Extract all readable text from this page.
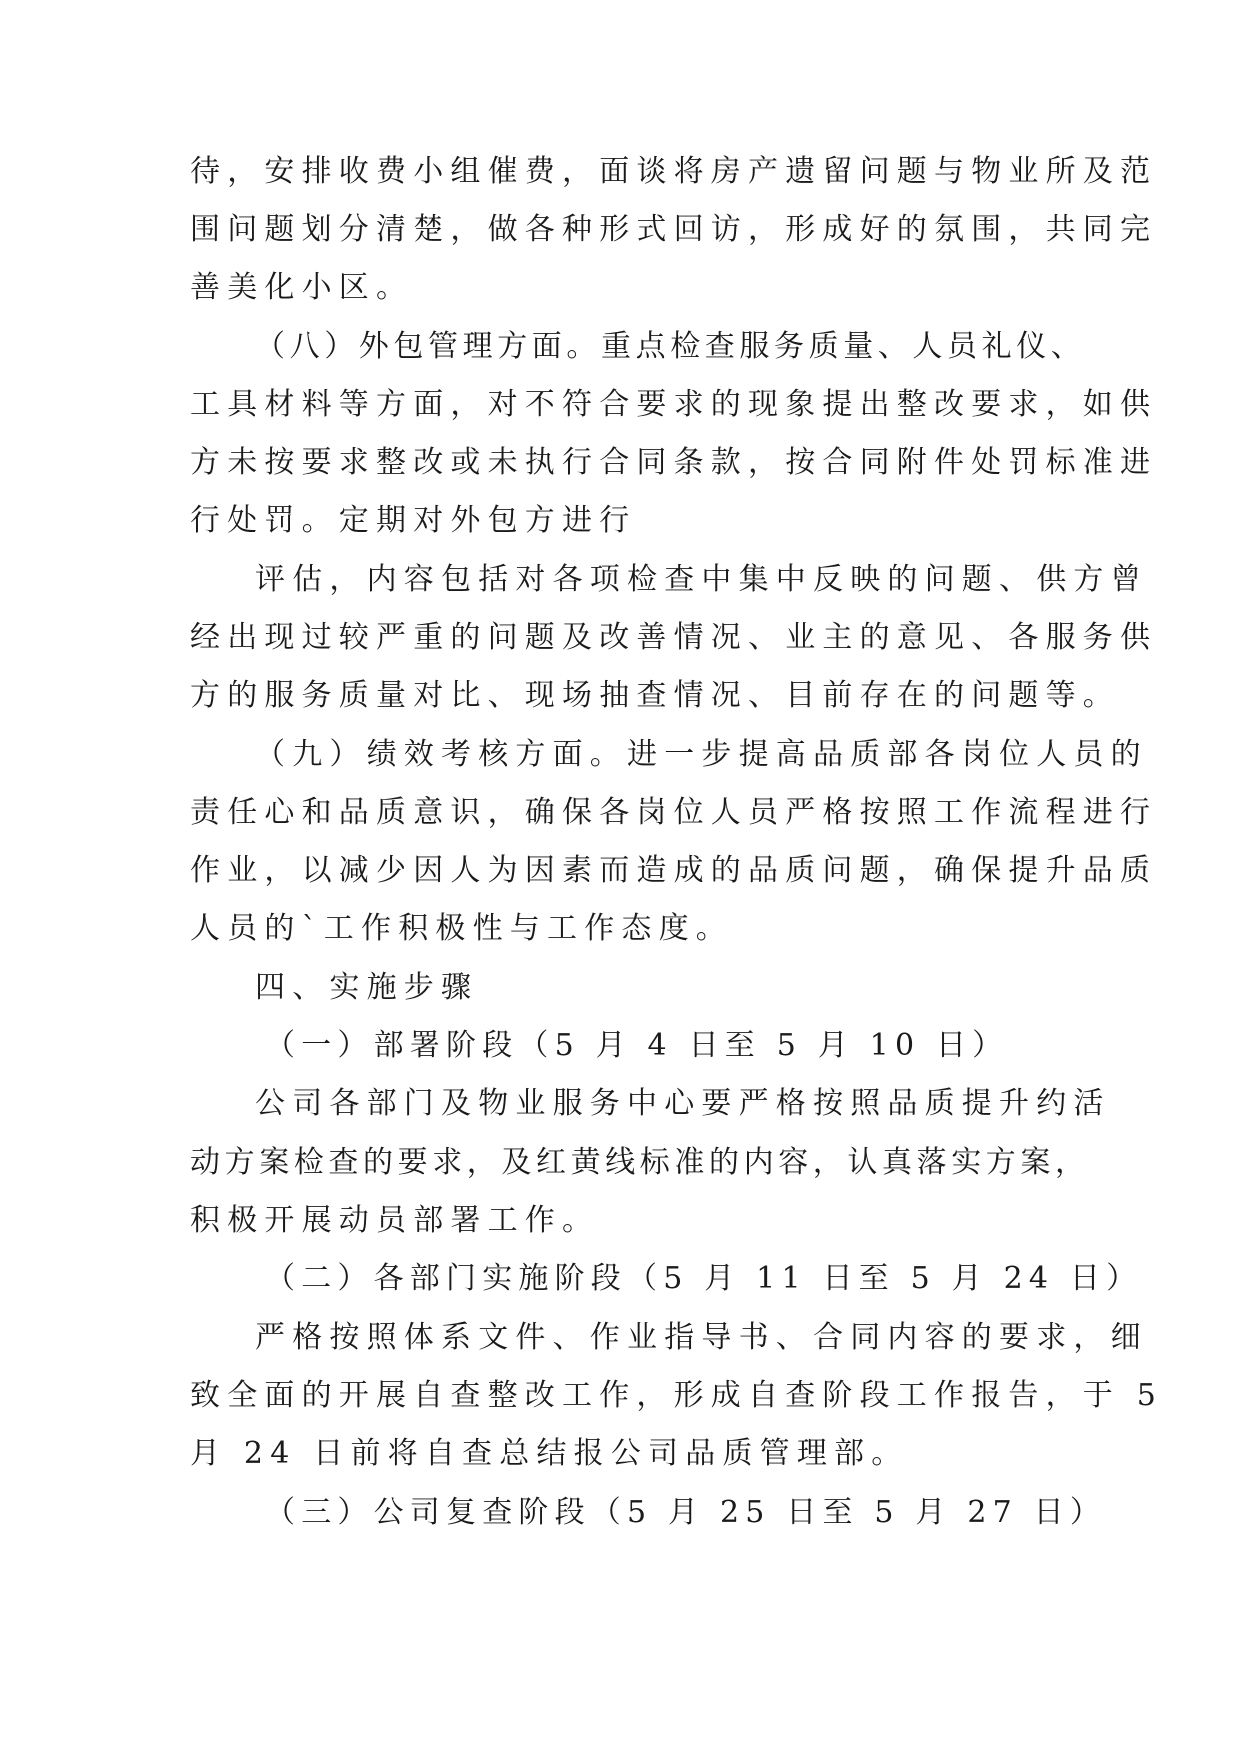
待，安排收费小组催费，面谈将房产遗留问题与物业所及范
围问题划分清楚，做各种形式回访，形成好的氛围，共同完
善美化小区。
（八）外包管理方面。重点检查服务质量、人员礼仪、
工具材料等方面，对不符合要求的现象提出整改要求，如供
方未按要求整改或未执行合同条款，按合同附件处罚标准进
行处罚。定期对外包方进行
评估，内容包括对各项检查中集中反映的问题、供方曾
经出现过较严重的问题及改善情况、业主的意见、各服务供
方的服务质量对比、现场抽查情况、目前存在的问题等。
（九）绩效考核方面。进一步提高品质部各岗位人员的
责任心和品质意识，确保各岗位人员严格按照工作流程进行
作业，以减少因人为因素而造成的品质问题，确保提升品质
人员的`工作积极性与工作态度。
四、实施步骤
（一）部署阶段（5 月 4 日至 5 月 10 日）
公司各部门及物业服务中心要严格按照品质提升约活
动方案检查的要求，及红黄线标准的内容，认真落实方案，
积极开展动员部署工作。
（二）各部门实施阶段（5 月 11 日至 5 月 24 日）
严格按照体系文件、作业指导书、合同内容的要求，细
致全面的开展自查整改工作，形成自查阶段工作报告，于 5
月 24 日前将自查总结报公司品质管理部。
（三）公司复查阶段（5 月 25 日至 5 月 27 日）
